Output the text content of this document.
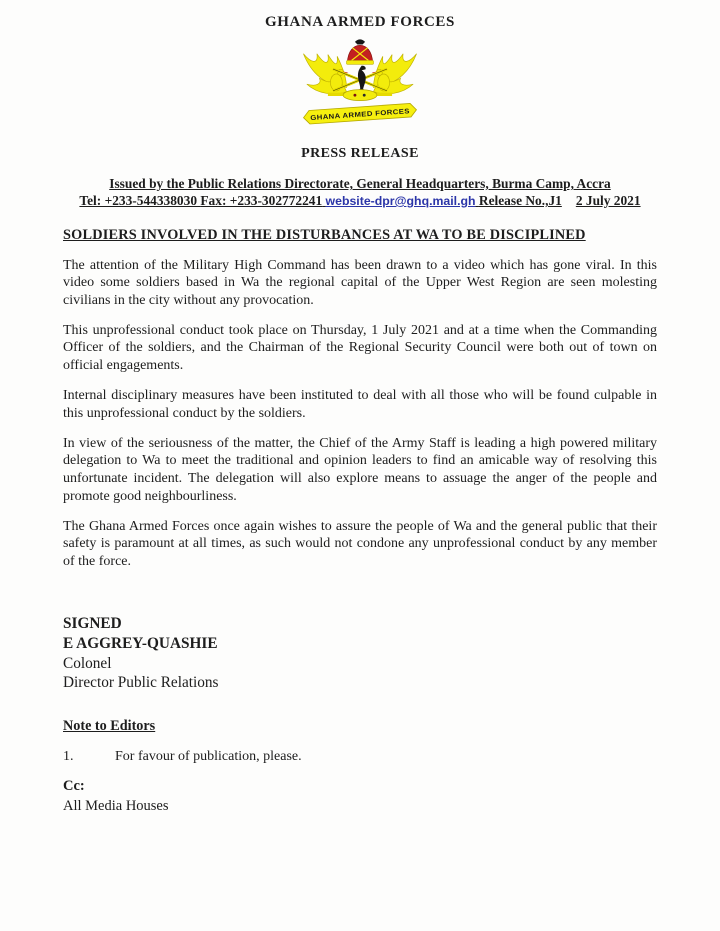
GHANA ARMED FORCES
GHANA ARMED FORCES
PRESS RELEASE
Issued by the Public Relations Directorate, General Headquarters, Burma Camp, Accra
Tel: +233-544338030 Fax: +233-302772241 website-dpr@ghq.mail.gh Release No.,J1 2 July 2021
SOLDIERS INVOLVED IN THE DISTURBANCES AT WA TO BE DISCIPLINED

The attention of the Military High Command has been drawn to a video which has gone viral. In this video some soldiers based in Wa the regional capital of the Upper West Region are seen molesting civilians in the city without any provocation.

This unprofessional conduct took place on Thursday, 1 July 2021 and at a time when the Commanding Officer of the soldiers, and the Chairman of the Regional Security Council were both out of town on official engagements.

Internal disciplinary measures have been instituted to deal with all those who will be found culpable in this unprofessional conduct by the soldiers.

In view of the seriousness of the matter, the Chief of the Army Staff is leading a high powered military delegation to Wa to meet the traditional and opinion leaders to find an amicable way of resolving this unfortunate incident. The delegation will also explore means to assuage the anger of the people and promote good neighbourliness.

The Ghana Armed Forces once again wishes to assure the people of Wa and the general public that their safety is paramount at all times, as such would not condone any unprofessional conduct by any member of the force.

SIGNED
E AGGREY-QUASHIE
Colonel
Director Public Relations
Note to Editors
1.	For favour of publication, please.
Cc:
All Media Houses
